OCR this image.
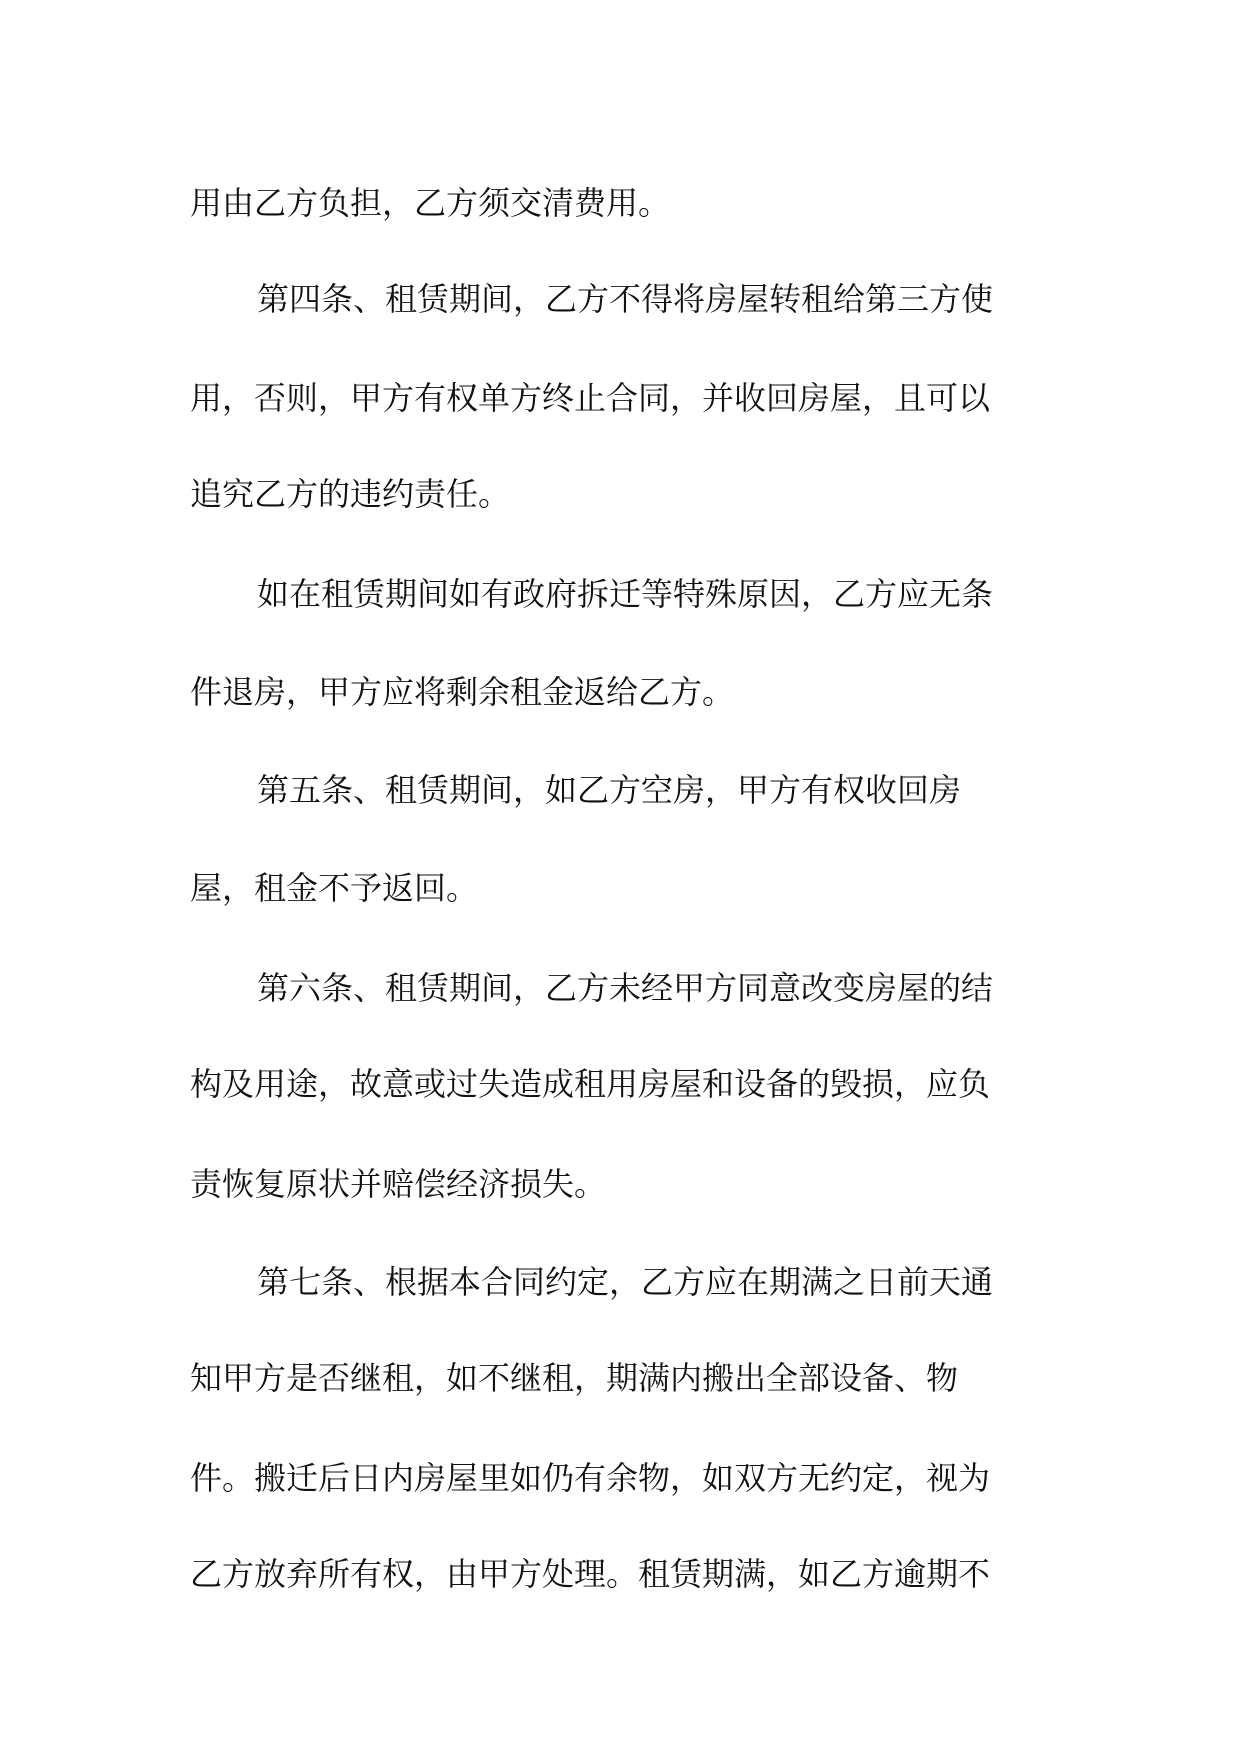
用由乙方负担，乙方须交清费用。
第四条、租赁期间，乙方不得将房屋转租给第三方使
用，否则，甲方有权单方终止合同，并收回房屋，且可以
追究乙方的违约责任。
如在租赁期间如有政府拆迁等特殊原因，乙方应无条
件退房，甲方应将剩余租金返给乙方。
第五条、租赁期间，如乙方空房，甲方有权收回房
屋，租金不予返回。
第六条、租赁期间，乙方未经甲方同意改变房屋的结
构及用途，故意或过失造成租用房屋和设备的毁损，应负
责恢复原状并赔偿经济损失。
第七条、根据本合同约定，乙方应在期满之日前天通
知甲方是否继租，如不继租，期满内搬出全部设备、物
件。搬迁后日内房屋里如仍有余物，如双方无约定，视为
乙方放弃所有权，由甲方处理。租赁期满，如乙方逾期不
